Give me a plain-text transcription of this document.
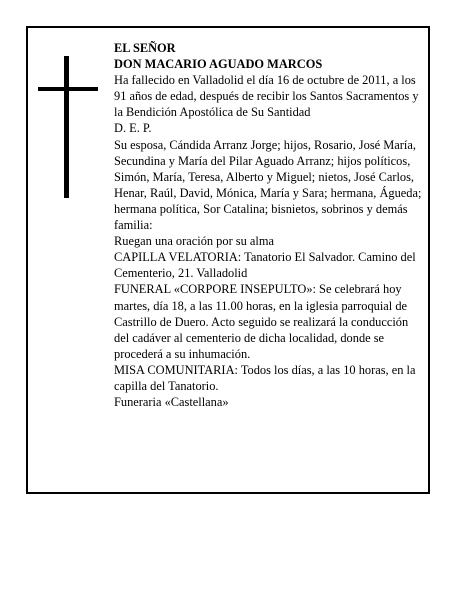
EL SEÑOR

DON MACARIO AGUADO MARCOS

Ha fallecido en Valladolid el día 16 de octubre de 2011, a los 91 años de edad, después de recibir los Santos Sacramentos y la Bendición Apostólica de Su Santidad

D. E. P.

Su esposa, Cándida Arranz Jorge; hijos, Rosario, José María, Secundina y María del Pilar Aguado Arranz; hijos políticos, Simón, María, Teresa, Alberto y Miguel; nietos, José Carlos, Henar, Raúl, David, Mónica, María y Sara; hermana, Águeda; hermana política, Sor Catalina; bisnietos, sobrinos y demás familia:

Ruegan una oración por su alma

CAPILLA VELATORIA: Tanatorio El Salvador. Camino del Cementerio, 21. Valladolid

FUNERAL «CORPORE INSEPULTO»: Se celebrará hoy martes, día 18, a las 11.00 horas, en la iglesia parroquial de Castrillo de Duero. Acto seguido se realizará la conducción del cadáver al cementerio de dicha localidad, donde se procederá a su inhumación.

MISA COMUNITARIA: Todos los días, a las 10 horas, en la capilla del Tanatorio.

Funeraria «Castellana»
